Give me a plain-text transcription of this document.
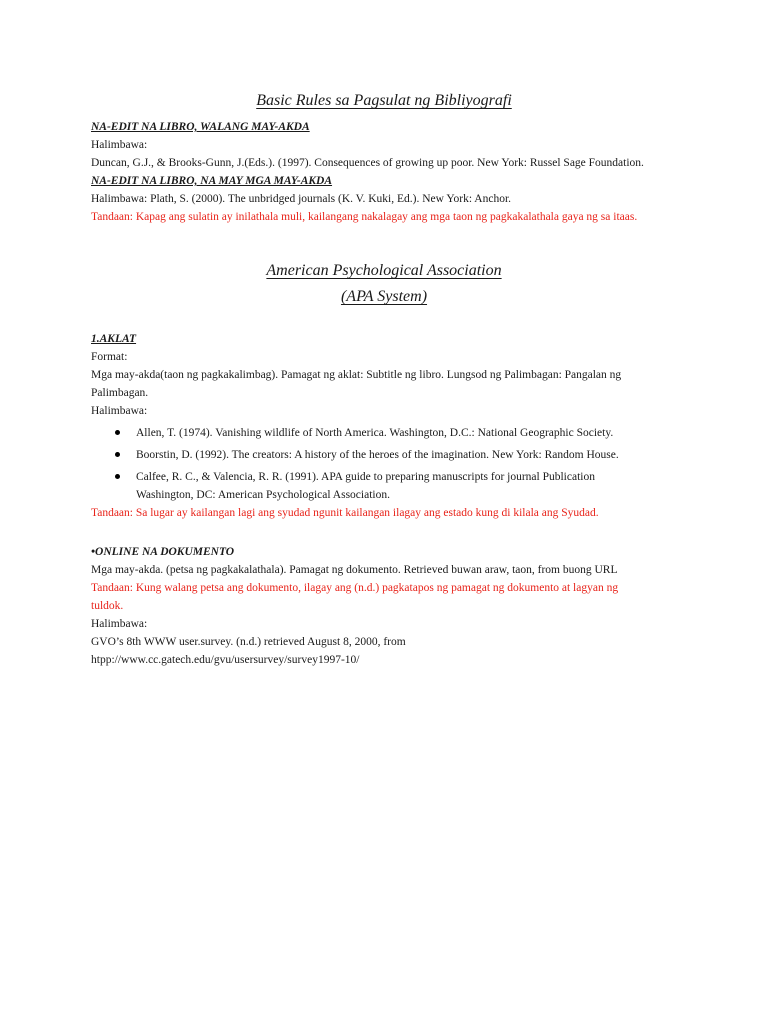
Basic Rules sa Pagsulat ng Bibliyografi
NA-EDIT NA LIBRO, WALANG MAY-AKDA
Halimbawa:
Duncan, G.J., & Brooks-Gunn, J.(Eds.). (1997). Consequences of growing up poor. New York: Russel Sage Foundation.
NA-EDIT NA LIBRO, NA MAY MGA MAY-AKDA
Halimbawa: Plath, S. (2000). The unbridged journals (K. V. Kuki, Ed.). New York: Anchor.
Tandaan: Kapag ang sulatin ay inilathala muli, kailangang nakalagay ang mga taon ng pagkakalathala gaya ng sa itaas.
American Psychological Association
(APA System)
1.AKLAT
Format:
Mga may-akda(taon ng pagkakalimbag). Pamagat ng aklat: Subtitle ng libro. Lungsod ng Palimbagan: Pangalan ng
Palimbagan.
Halimbawa:
Allen, T. (1974). Vanishing wildlife of North America. Washington, D.C.: National Geographic Society.
Boorstin, D. (1992). The creators: A history of the heroes of the imagination. New York: Random House.
Calfee, R. C., & Valencia, R. R. (1991). APA guide to preparing manuscripts for journal Publication
Washington, DC: American Psychological Association.
Tandaan: Sa lugar ay kailangan lagi ang syudad ngunit kailangan ilagay ang estado kung di kilala ang Syudad.
•ONLINE NA DOKUMENTO
Mga may-akda. (petsa ng pagkakalathala). Pamagat ng dokumento. Retrieved buwan araw, taon, from buong URL
Tandaan: Kung walang petsa ang dokumento, ilagay ang (n.d.) pagkatapos ng pamagat ng dokumento at lagyan ng
tuldok.
Halimbawa:
GVO’s 8th WWW user.survey. (n.d.) retrieved August 8, 2000, from
htpp://www.cc.gatech.edu/gvu/usersurvey/survey1997-10/
